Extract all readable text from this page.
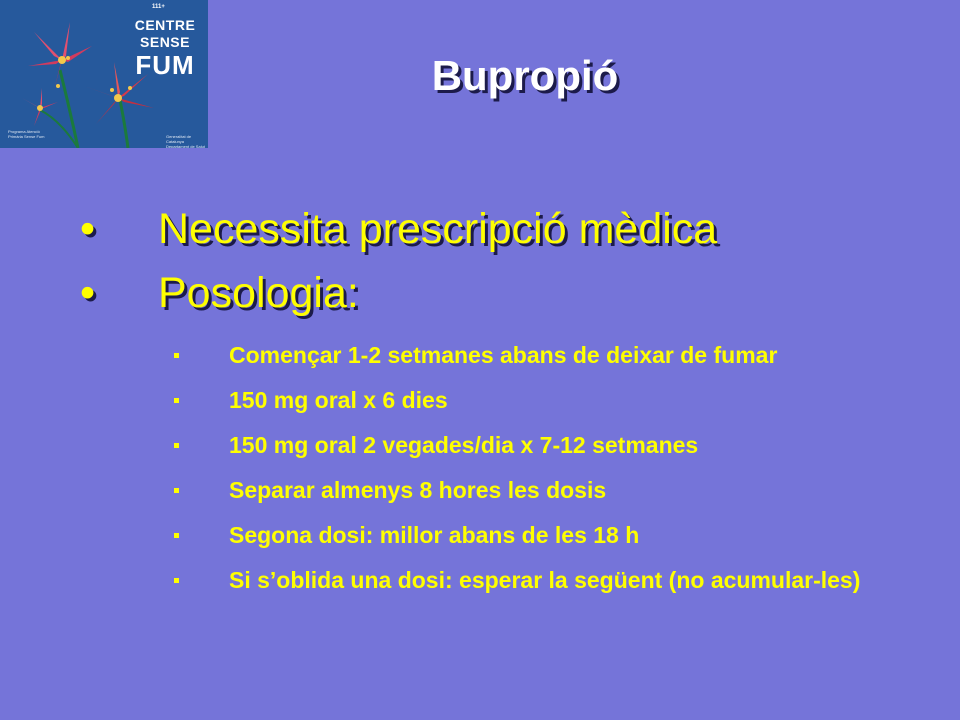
111+
CENTRE
SENSE
FUM
Programa Atenció Primària Sense Fum	Generalitat de Catalunya Departament de Salut
Bupropió
•	Necessita prescripció mèdica
•	Posologia:
Començar 1-2 setmanes abans de deixar de fumar
150 mg oral x 6 dies
150 mg oral 2 vegades/dia x 7-12 setmanes
Separar almenys 8 hores les dosis
Segona dosi: millor abans de les 18 h
Si s’oblida una dosi: esperar la següent (no acumular-les)
